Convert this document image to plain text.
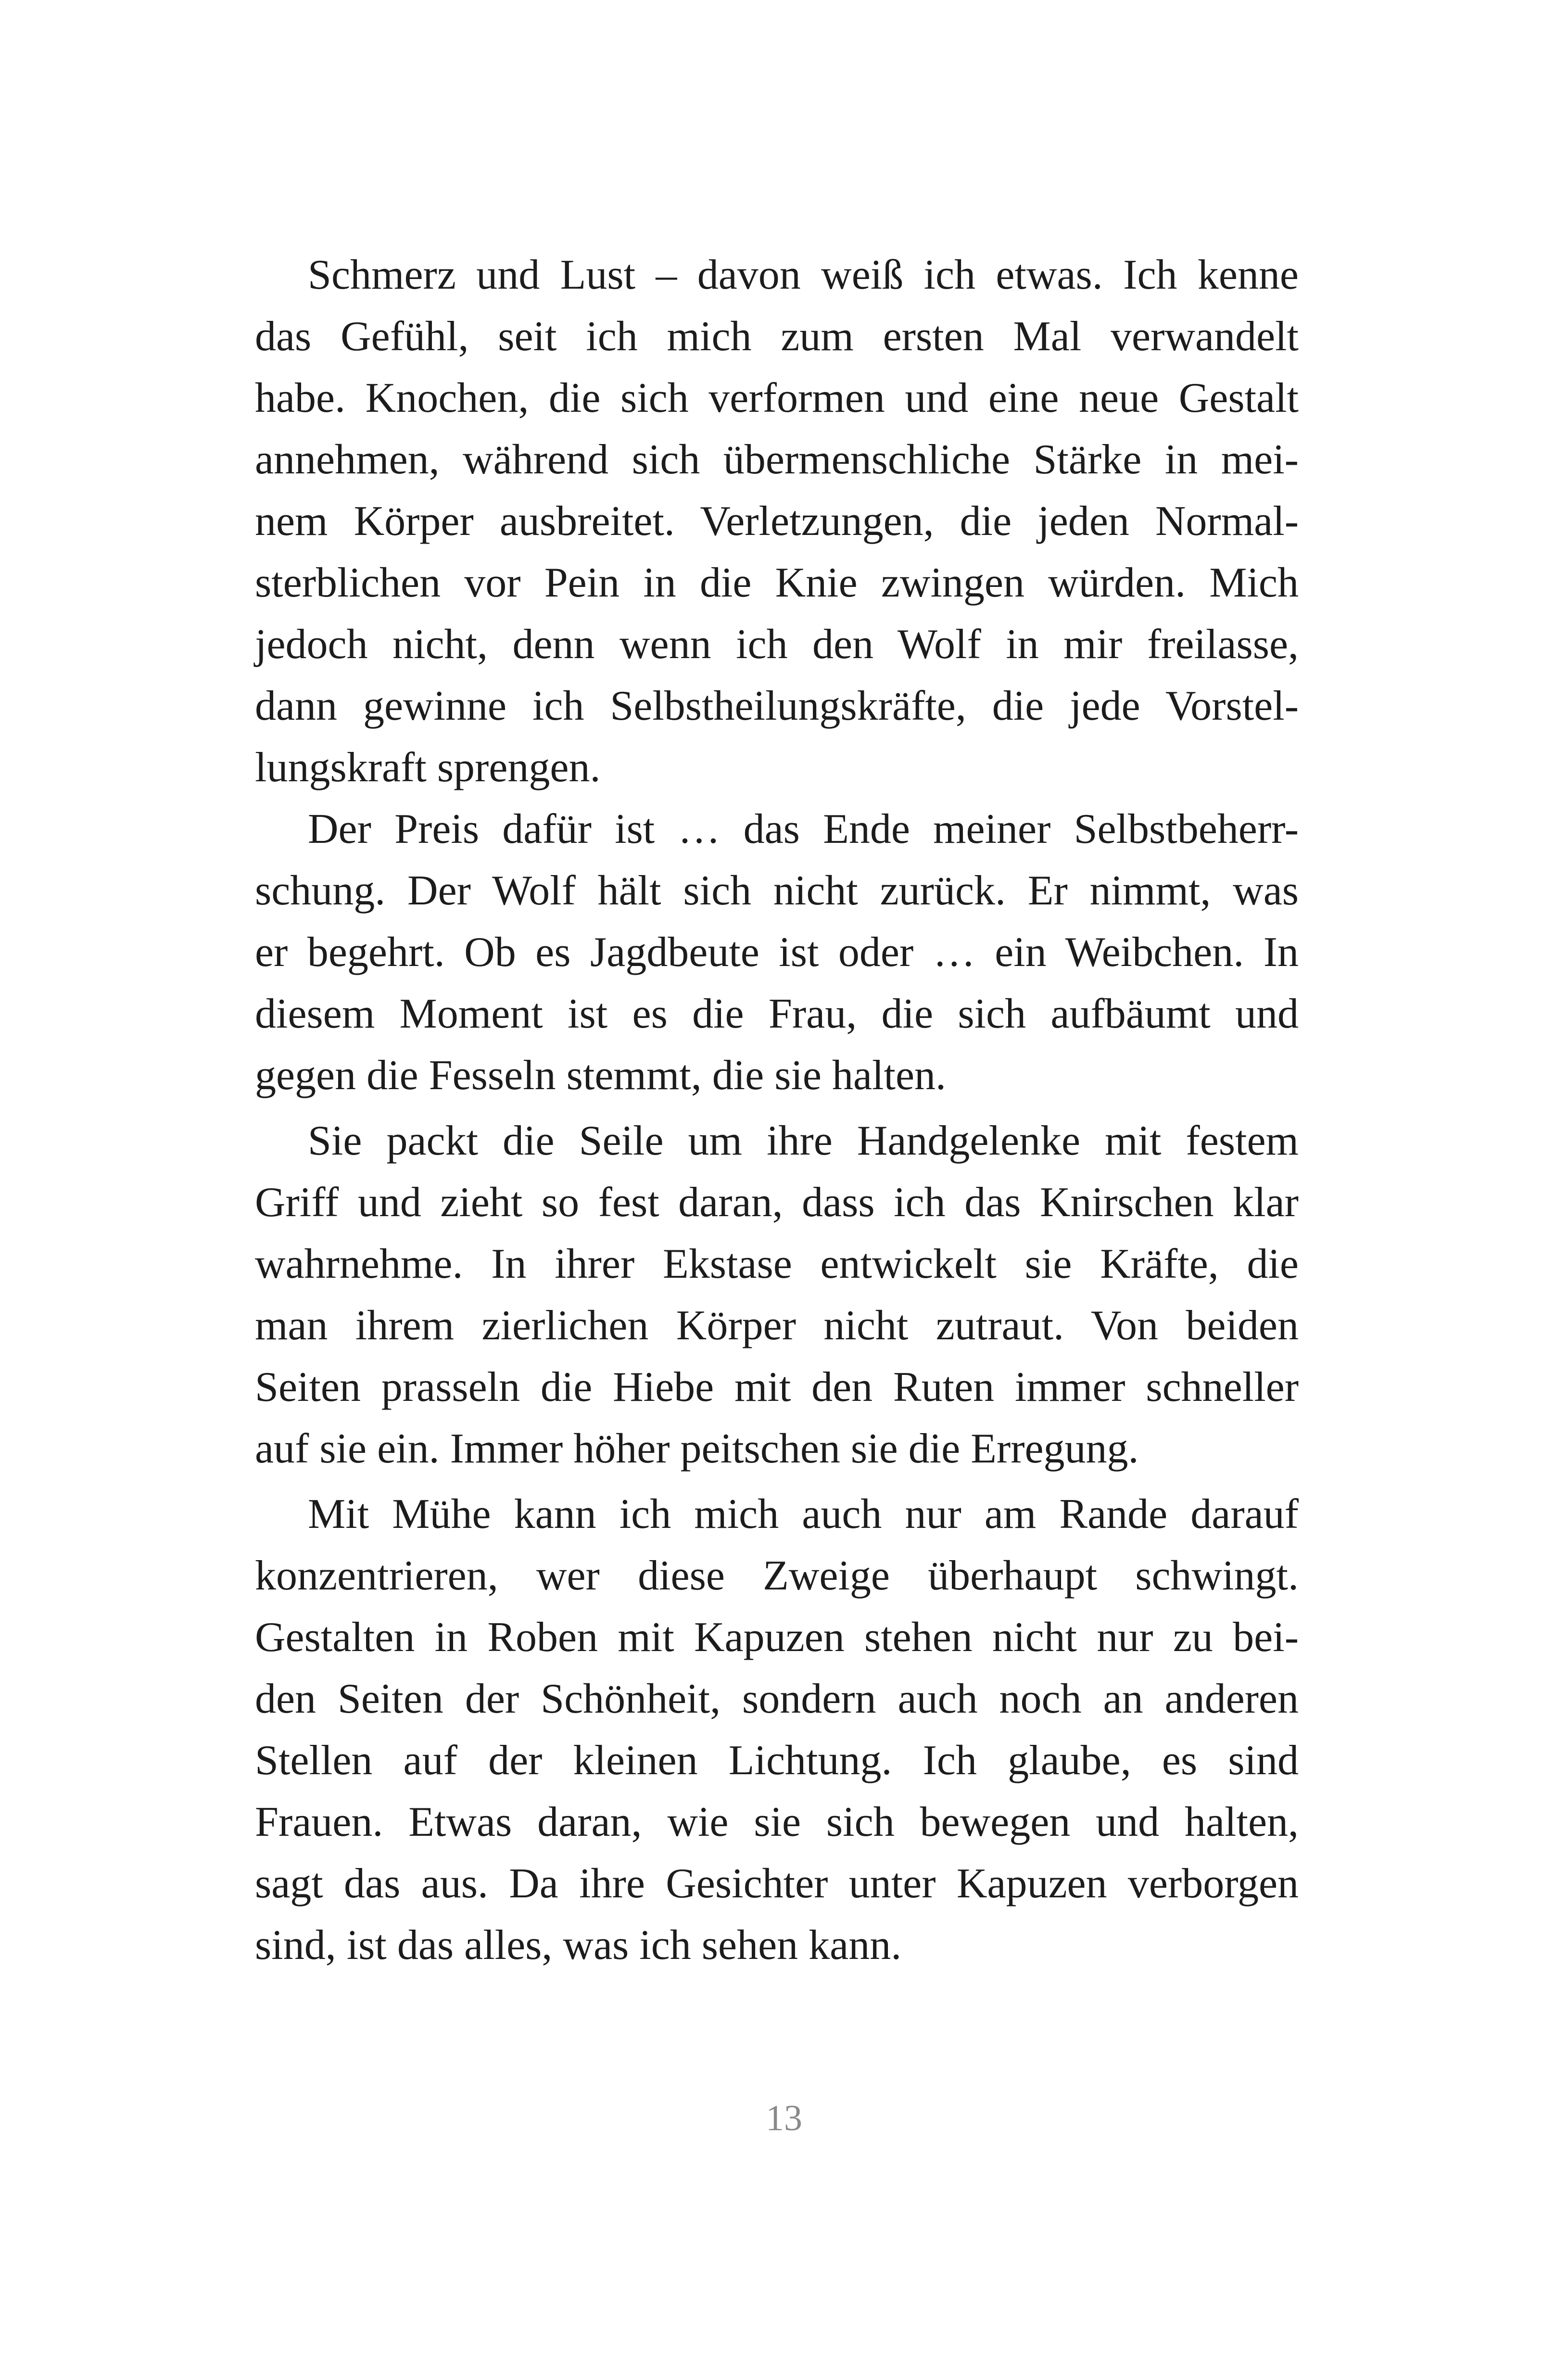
Schmerz und Lust – davon weiß ich etwas. Ich kenne
das Gefühl, seit ich mich zum ersten Mal verwandelt
habe. Knochen, die sich verformen und eine neue Gestalt
annehmen, während sich übermenschliche Stärke in mei-
nem Körper ausbreitet. Verletzungen, die jeden Normal-
sterblichen vor Pein in die Knie zwingen würden. Mich
jedoch nicht, denn wenn ich den Wolf in mir freilasse,
dann gewinne ich Selbstheilungskräfte, die jede Vorstel-
lungskraft sprengen.
Der Preis dafür ist … das Ende meiner Selbstbeherr-
schung. Der Wolf hält sich nicht zurück. Er nimmt, was
er begehrt. Ob es Jagdbeute ist oder … ein Weibchen. In
diesem Moment ist es die Frau, die sich aufbäumt und
gegen die Fesseln stemmt, die sie halten.
Sie packt die Seile um ihre Handgelenke mit festem
Griff und zieht so fest daran, dass ich das Knirschen klar
wahrnehme. In ihrer Ekstase entwickelt sie Kräfte, die
man ihrem zierlichen Körper nicht zutraut. Von beiden
Seiten prasseln die Hiebe mit den Ruten immer schneller
auf sie ein. Immer höher peitschen sie die Erregung.
Mit Mühe kann ich mich auch nur am Rande darauf
konzentrieren, wer diese Zweige überhaupt schwingt.
Gestalten in Roben mit Kapuzen stehen nicht nur zu bei-
den Seiten der Schönheit, sondern auch noch an anderen
Stellen auf der kleinen Lichtung. Ich glaube, es sind
Frauen. Etwas daran, wie sie sich bewegen und halten,
sagt das aus. Da ihre Gesichter unter Kapuzen verborgen
sind, ist das alles, was ich sehen kann.
13
